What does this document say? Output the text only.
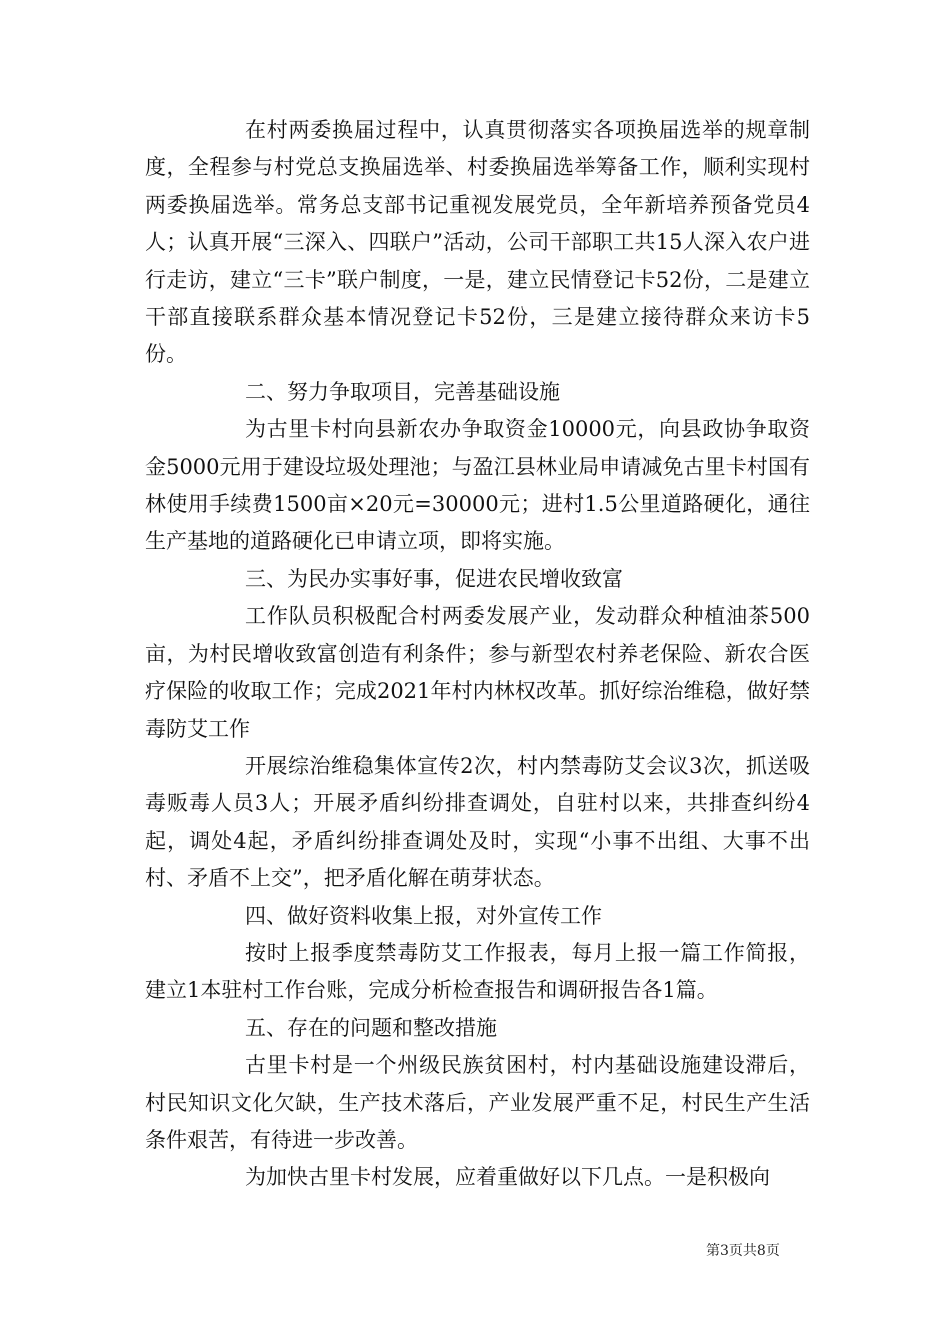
在村两委换届过程中，认真贯彻落实各项换届选举的规章制度，全程参与村党总支换届选举、村委换届选举筹备工作，顺利实现村两委换届选举。常务总支部书记重视发展党员，全年新培养预备党员4人；认真开展“三深入、四联户”活动，公司干部职工共15人深入农户进行走访，建立“三卡”联户制度，一是，建立民情登记卡52份，二是建立干部直接联系群众基本情况登记卡52份，三是建立接待群众来访卡5份。

二、努力争取项目，完善基础设施

为古里卡村向县新农办争取资金10000元，向县政协争取资金5000元用于建设垃圾处理池；与盈江县林业局申请减免古里卡村国有林使用手续费1500亩×20元=30000元；进村1.5公里道路硬化，通往生产基地的道路硬化已申请立项，即将实施。

三、为民办实事好事，促进农民增收致富

工作队员积极配合村两委发展产业，发动群众种植油茶500亩，为村民增收致富创造有利条件；参与新型农村养老保险、新农合医疗保险的收取工作；完成2021年村内林权改革。抓好综治维稳，做好禁毒防艾工作

开展综治维稳集体宣传2次，村内禁毒防艾会议3次，抓送吸毒贩毒人员3人；开展矛盾纠纷排查调处，自驻村以来，共排查纠纷4起，调处4起，矛盾纠纷排查调处及时，实现“小事不出组、大事不出村、矛盾不上交”，把矛盾化解在萌芽状态。

四、做好资料收集上报，对外宣传工作

按时上报季度禁毒防艾工作报表，每月上报一篇工作简报，建立1本驻村工作台账，完成分析检查报告和调研报告各1篇。

五、存在的问题和整改措施

古里卡村是一个州级民族贫困村，村内基础设施建设滞后，村民知识文化欠缺，生产技术落后，产业发展严重不足，村民生产生活条件艰苦，有待进一步改善。

为加快古里卡村发展，应着重做好以下几点。一是积极向

第3页共8页
